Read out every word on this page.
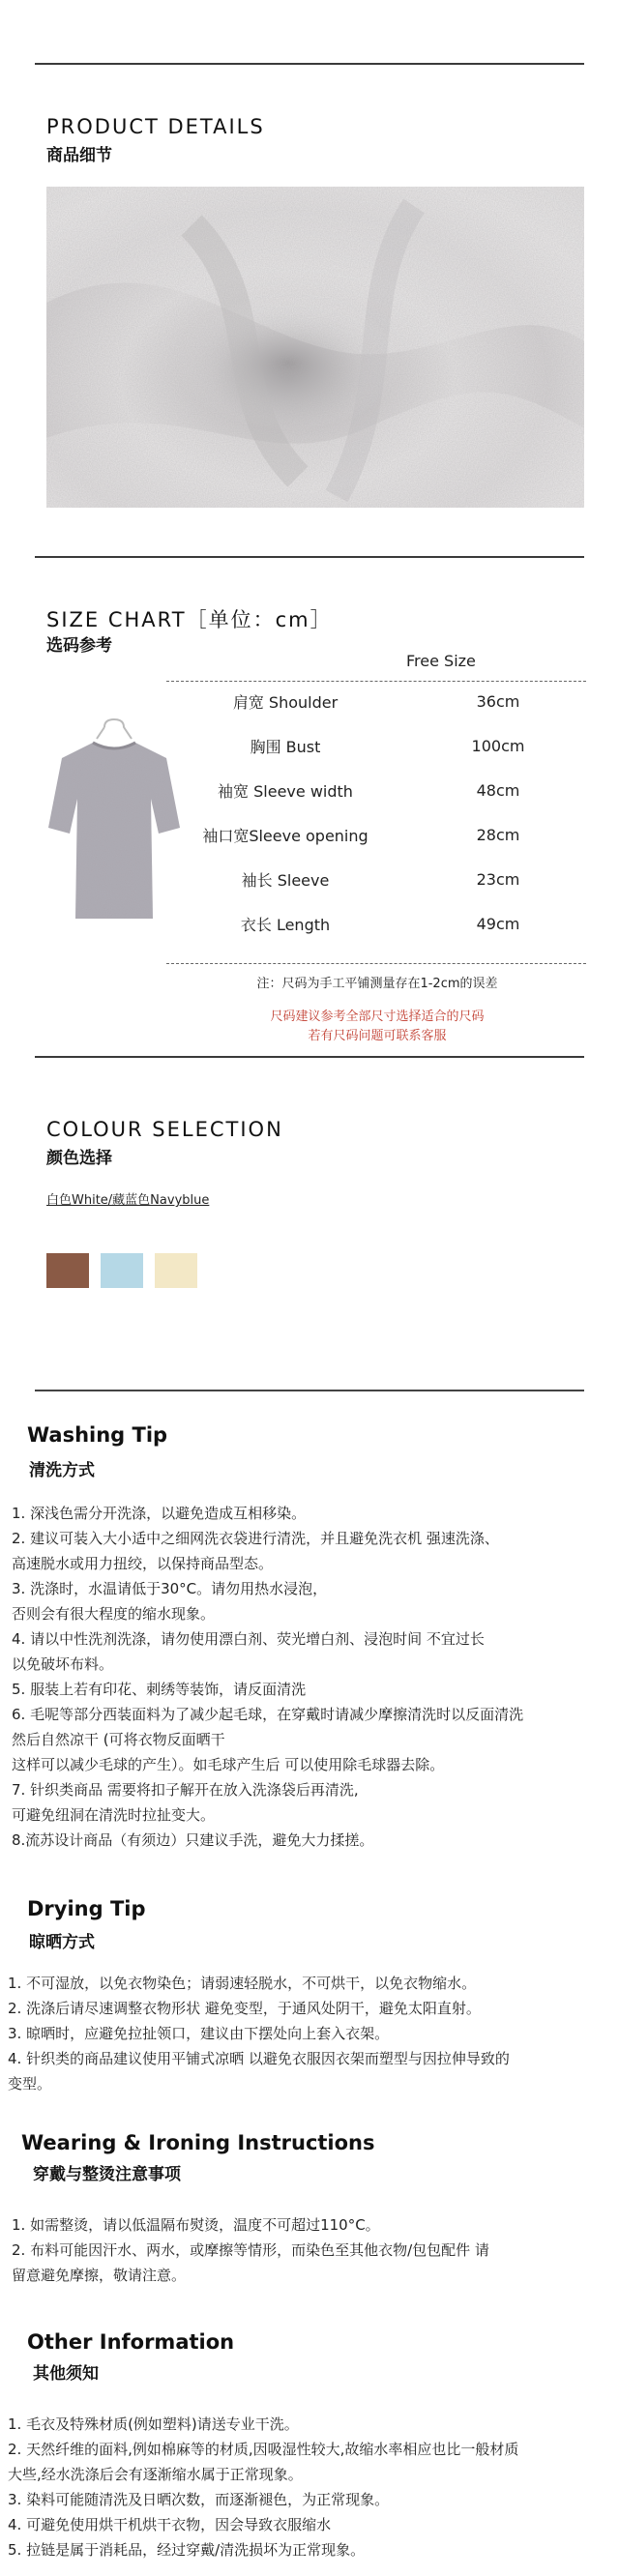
PRODUCT DETAILS
商品细节
SIZE CHART［单位：cm］
选码参考
Free Size
肩宽 Shoulder	36cm
胸围 Bust	100cm
袖宽 Sleeve width	48cm
袖口宽Sleeve opening	28cm
袖长 Sleeve	23cm
衣长 Length	49cm
注：尺码为手工平铺测量存在1-2cm的误差
尺码建议参考全部尺寸选择适合的尺码
若有尺码问题可联系客服
COLOUR SELECTION
颜色选择
白色White/藏蓝色Navyblue
Washing Tip
清洗方式
1. 深浅色需分开洗涤，以避免造成互相移染。
2. 建议可装入大小适中之细网洗衣袋进行清洗，并且避免洗衣机 强速洗涤、
高速脱水或用力扭绞，以保持商品型态。
3. 洗涤时，水温请低于30°C。请勿用热水浸泡，
否则会有很大程度的缩水现象。
4. 请以中性洗剂洗涤，请勿使用漂白剂、荧光增白剂、浸泡时间 不宜过长
以免破坏布料。
5. 服装上若有印花、刺绣等装饰，请反面清洗
6. 毛呢等部分西装面料为了减少起毛球，在穿戴时请减少摩擦清洗时以反面清洗
然后自然凉干 (可将衣物反面晒干
这样可以减少毛球的产生）。如毛球产生后 可以使用除毛球器去除。
7. 针织类商品 需要将扣子解开在放入洗涤袋后再清洗,
可避免纽洞在清洗时拉扯变大。
8.流苏设计商品（有须边）只建议手洗，避免大力揉搓。
Drying Tip
晾晒方式
1. 不可湿放，以免衣物染色；请弱速轻脱水，不可烘干，以免衣物缩水。
2. 洗涤后请尽速调整衣物形状 避免变型，于通风处阴干，避免太阳直射。
3. 晾晒时，应避免拉扯领口，建议由下摆处向上套入衣架。
4. 针织类的商品建议使用平铺式凉晒 以避免衣服因衣架而塑型与因拉伸导致的
变型。
Wearing & Ironing Instructions
穿戴与整烫注意事项
1. 如需整烫，请以低温隔布熨烫，温度不可超过110°C。
2. 布料可能因汗水、两水，或摩擦等情形，而染色至其他衣物/包包配件 请
留意避免摩擦，敬请注意。
Other Information
其他须知
1. 毛衣及特殊材质(例如塑料)请送专业干洗。
2. 天然纤维的面料,例如棉麻等的材质,因吸湿性较大,故缩水率相应也比一般材质
大些,经水洗涤后会有逐渐缩水属于正常现象。
3. 染料可能随清洗及日晒次数，而逐渐褪色，为正常现象。
4. 可避免使用烘干机烘干衣物，因会导致衣服缩水
5. 拉链是属于消耗品，经过穿戴/清洗损坏为正常现象。
